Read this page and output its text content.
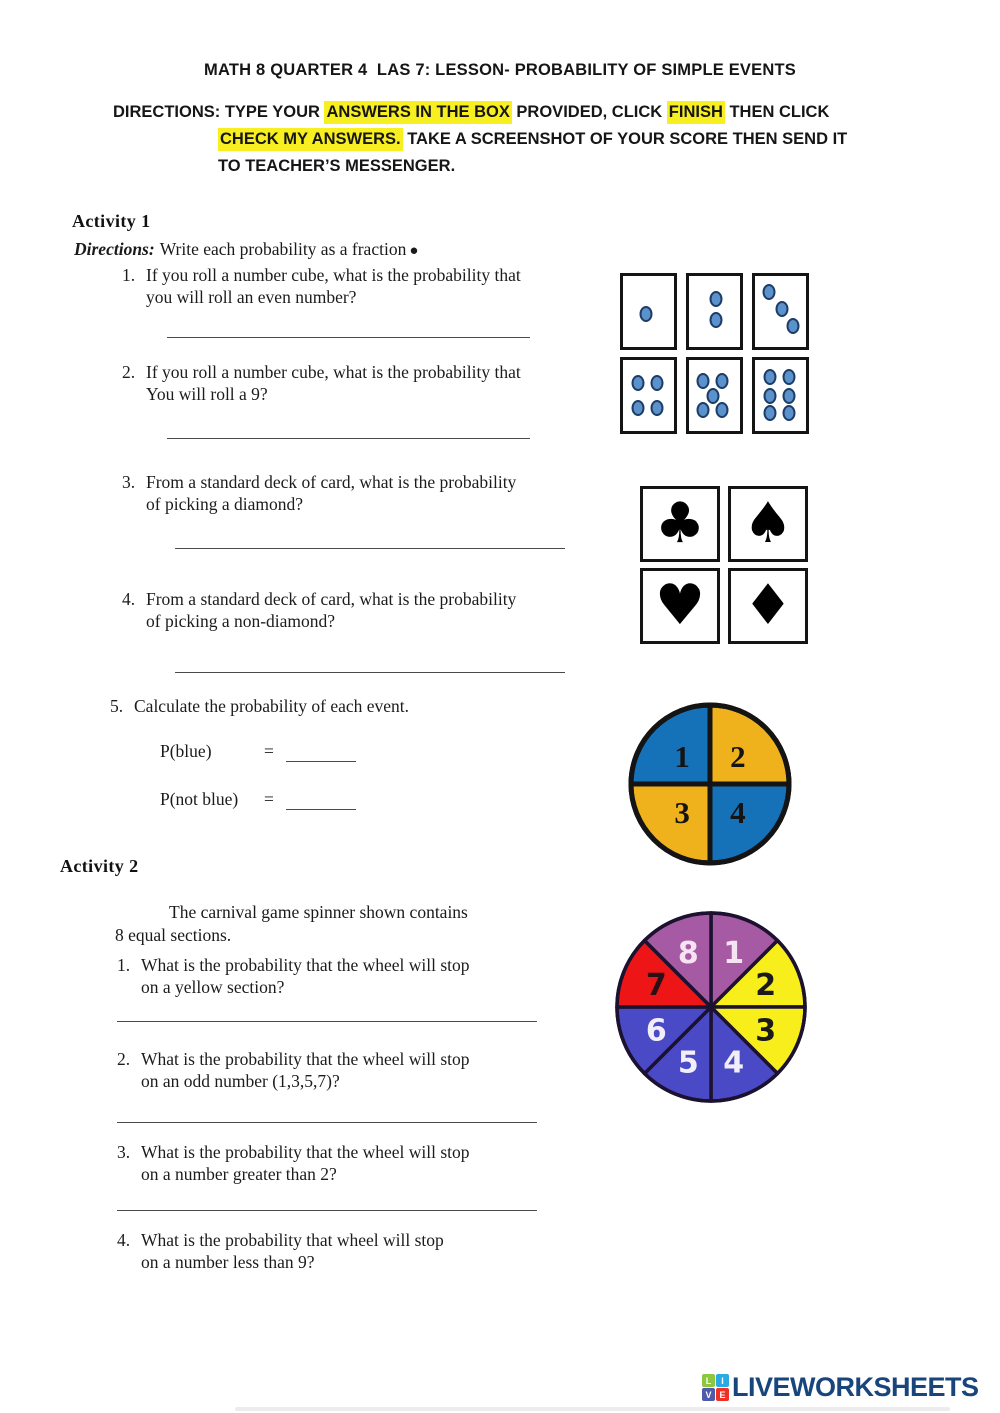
MATH 8 QUARTER 4  LAS 7: LESSON- PROBABILITY OF SIMPLE EVENTS
DIRECTIONS: TYPE YOUR ANSWERS IN THE BOX PROVIDED, CLICK FINISH THEN CLICK
CHECK MY ANSWERS. TAKE A SCREENSHOT OF YOUR SCORE THEN SEND IT
TO TEACHER’S MESSENGER.
Activity 1
Directions: Write each probability as a fraction ●
1. If you roll a number cube, what is the probability that
you will roll an even number?
2. If you roll a number cube, what is the probability that
You will roll a 9?
3. From a standard deck of card, what is the probability
of picking a diamond?
4. From a standard deck of card, what is the probability
of picking a non-diamond?
5. Calculate the probability of each event.
P(blue)	=
P(not blue)	=
♣ ♠
♥ ♦
1 2
4
3
Activity 2
The carnival game spinner shown contains
8 equal sections.
1. What is the probability that the wheel will stop
on a yellow section?
2. What is the probability that the wheel will stop
on an odd number (1,3,5,7)?
3. What is the probability that the wheel will stop
on a number greater than 2?
4. What is the probability that wheel will stop
on a number less than 9?
1
2
3
4
5
6
7
8
L	I
V E LIVEWORKSHEETS
